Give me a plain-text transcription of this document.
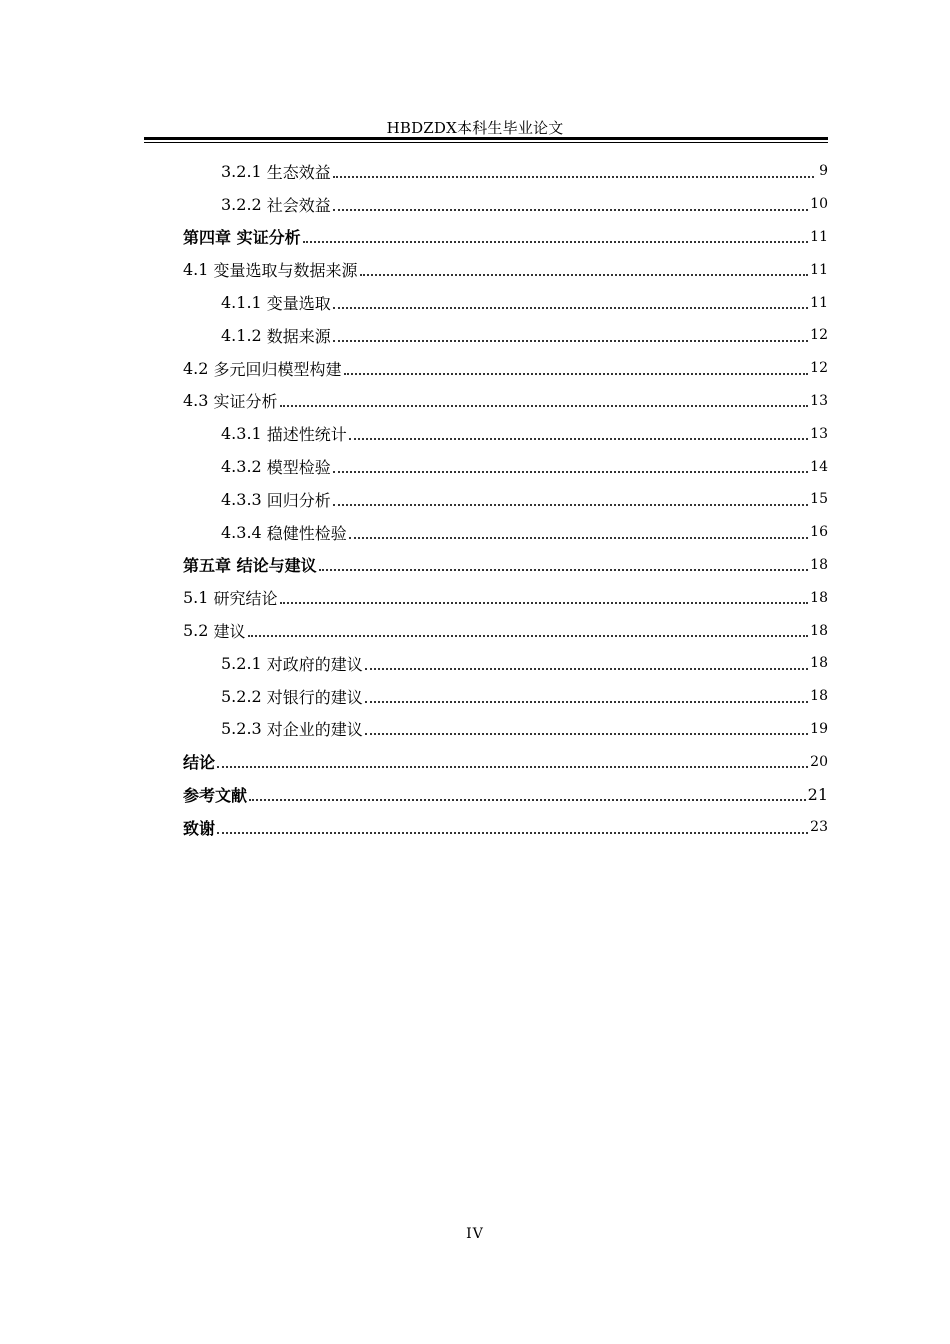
HBDZDX本科生毕业论文
3.2.1 生态效益	9
3.2.2 社会效益	10
第四章 实证分析	11
4.1 变量选取与数据来源	11
4.1.1 变量选取	11
4.1.2 数据来源	12
4.2 多元回归模型构建	12
4.3 实证分析	13
4.3.1 描述性统计	13
4.3.2 模型检验	14
4.3.3 回归分析	15
4.3.4 稳健性检验	16
第五章 结论与建议	18
5.1 研究结论	18
5.2 建议	18
5.2.1 对政府的建议	18
5.2.2 对银行的建议	18
5.2.3 对企业的建议	19
结论	20
参考文献	21
致谢	23
IV
